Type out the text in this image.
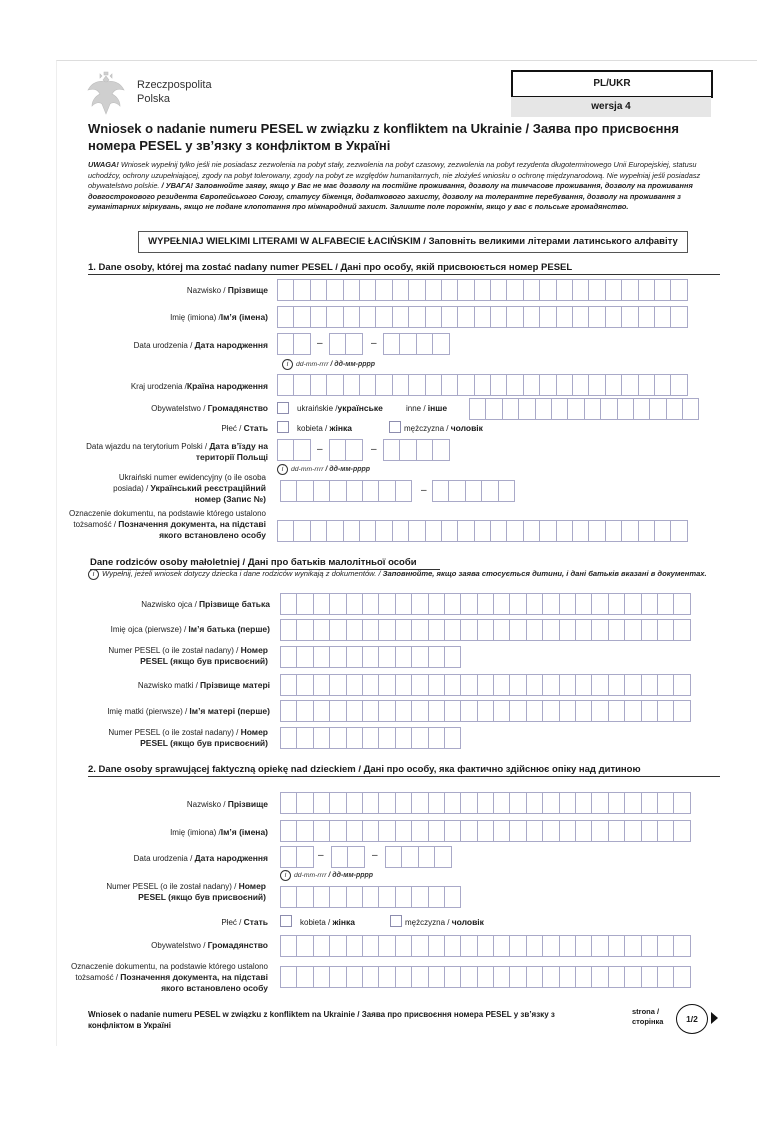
Rzeczpospolita
Polska
PL/UKR
wersja 4
Wniosek o nadanie numeru PESEL w związku z konfliktem na Ukrainie / Заява про присвоєння номера PESEL у зв’язку з конфліктом в Україні
UWAGA! Wniosek wypełnij tylko jeśli nie posiadasz zezwolenia na pobyt stały, zezwolenia na pobyt czasowy, zezwolenia na pobyt rezydenta długoterminowego Unii Europejskiej, statusu uchodźcy, ochrony uzupełniającej, zgody na pobyt tolerowany, zgody na pobyt ze względów humanitarnych, nie złożyłeś wniosku o ochronę międzynarodową. Nie wypełniaj jeśli posiadasz obywatelstwo polskie. / УВАГА! Заповнюйте заяву, якщо у Вас не має дозволу на постійне проживання, дозволу на тимчасове проживання, дозволу на проживання довгострокового резидента Європейського Союзу, статусу біженця, додаткового захисту, дозволу на толерантне перебування, дозволу на проживання з гуманітарних міркувань, якщо не подане клопотання про міжнародний захист. Залиште поле порожнім, якщо у вас є польське громадянство.
WYPEŁNIAJ WIELKIMI LITERAMI W ALFABECIE ŁACIŃSKIM / Заповніть великими літерами латинського алфавіту
1. Dane osoby, której ma zostać nadany numer PESEL / Дані про особу, якій присвоюється номер PESEL
Nazwisko / Прізвище
Imię (imiona) /Ім’я (імена)
Data urodzenia / Дата народження	–	–
i dd-mm-rrrr / дд-мм-рррр
Kraj urodzenia /Країна народження
Obywatelstwo / Громадянство	ukraińskie /українське	inne / інше
Płeć / Стать	kobieta / жінка	mężczyzna / чоловік
Data wjazdu na terytorium Polski / Дата в’їзду на території Польщі
–	–
i dd-mm-rrrr / дд-мм-рррр
Ukraiński numer ewidencyjny (o ile osoba posiada) / Український реєстраційний номер (Запис №)
–
Oznaczenie dokumentu, na podstawie którego ustalono tożsamość / Позначення документа, на підставі якого встановлено особу
Dane rodziców osoby małoletniej / Дані про батьків малолітньої особи
i Wypełnij, jeżeli wniosek dotyczy dziecka i dane rodziców wynikają z dokumentów. / Заповнюйте, якщо заява стосується дитини, і дані батьків вказані в документах.
Nazwisko ojca / Прізвище батька
Imię ojca (pierwsze) / Ім’я батька (перше)
Numer PESEL (o ile został nadany) / Номер PESEL (якщо був присвоєний)
Nazwisko matki / Прізвище матері
Imię matki (pierwsze) / Ім’я матері (перше)
Numer PESEL (o ile został nadany) / Номер PESEL (якщо був присвоєний)
2. Dane osoby sprawującej faktyczną opiekę nad dzieckiem / Дані про особу, яка фактично здійснює опіку над дитиною
Nazwisko / Прізвище
Imię (imiona) /Ім’я (імена)
Data urodzenia / Дата народження	–	–
i dd-mm-rrrr / дд-мм-рррр
Numer PESEL (o ile został nadany) / Номер PESEL (якщо був присвоєний)
Płeć / Стать	kobieta / жінка	mężczyzna / чоловік
Obywatelstwo / Громадянство
Oznaczenie dokumentu, na podstawie którego ustalono tożsamość / Позначення документа, на підставі якого встановлено особу
Wniosek o nadanie numeru PESEL w związku z konfliktem na Ukrainie / Заява про присвоєння номера PESEL у зв’язку з конфліктом в Україні
strona /
сторінка	1/2
